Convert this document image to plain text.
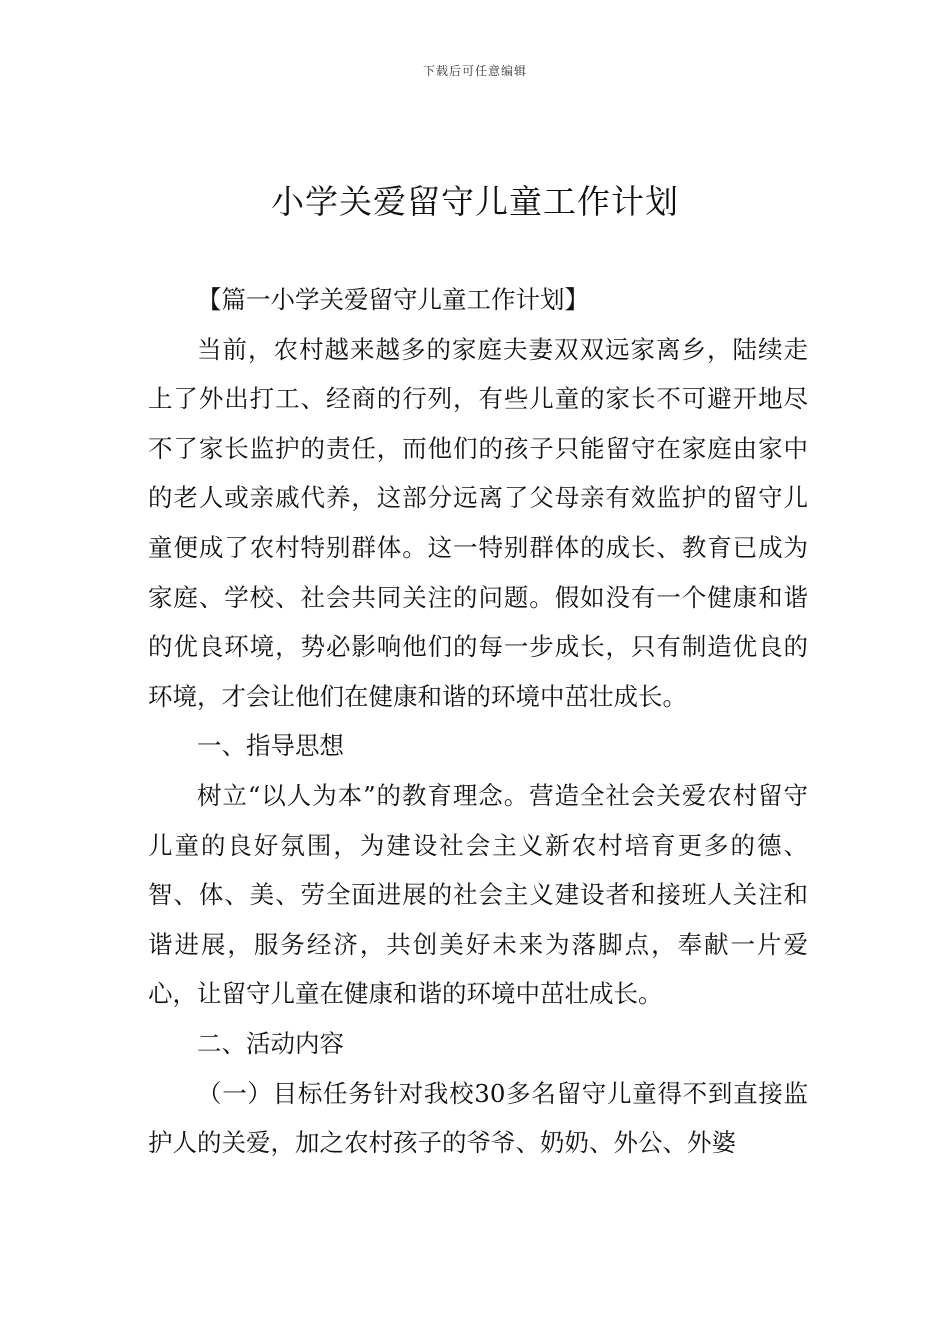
下载后可任意编辑
小学关爱留守儿童工作计划

【篇一小学关爱留守儿童工作计划】

当前，农村越来越多的家庭夫妻双双远家离乡，陆续走上了外出打工、经商的行列，有些儿童的家长不可避开地尽不了家长监护的责任，而他们的孩子只能留守在家庭由家中的老人或亲戚代养，这部分远离了父母亲有效监护的留守儿童便成了农村特别群体。这一特别群体的成长、教育已成为家庭、学校、社会共同关注的问题。假如没有一个健康和谐的优良环境，势必影响他们的每一步成长，只有制造优良的环境，才会让他们在健康和谐的环境中茁壮成长。

一、指导思想

树立“以人为本”的教育理念。营造全社会关爱农村留守儿童的良好氛围，为建设社会主义新农村培育更多的德、智、体、美、劳全面进展的社会主义建设者和接班人关注和谐进展，服务经济，共创美好未来为落脚点，奉献一片爱心，让留守儿童在健康和谐的环境中茁壮成长。

二、活动内容

（一）目标任务针对我校30多名留守儿童得不到直接监护人的关爱，加之农村孩子的爷爷、奶奶、外公、外婆
